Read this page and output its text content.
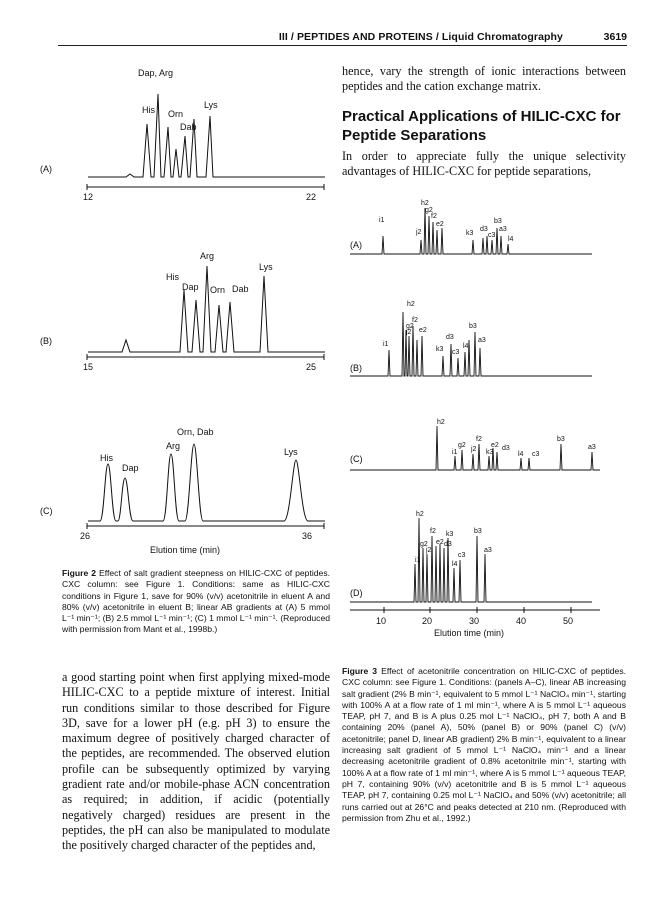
III / PEPTIDES AND PROTEINS / Liquid Chromatography	3619
Dap, Arg
His Orn
Lys
Dab
(A)
12	22
Arg
Lys
His
Dap Orn Dab
(B)
15	25
Orn, Dab
Arg
His
Lys
Dap
(C)
26	36
Elution time (min)

Figure 2 Effect of salt gradient steepness on HILIC-CXC of peptides. CXC column: see Figure 1. Conditions: same as HILIC-CXC conditions in Figure 1, save for 90% (v/v) acetonitrile in eluent A and 80% (v/v) acetonitrile in eluent B; linear AB gradients at (A) 5 mmol L⁻¹ min⁻¹; (B) 2.5 mmol L⁻¹ min⁻¹; (C) 1 mmol L⁻¹ min⁻¹. (Reproduced with permission from Mant et al., 1998b.)

a good starting point when first applying mixed-mode HILIC-CXC to a peptide mixture of interest. Initial run conditions similar to those described for Figure 3D, save for a lower pH (e.g. pH 3) to ensure the maximum degree of positively charged character of the peptides, are recommended. The observed elution profile can be subsequently optimized by varying gradient rate and/or mobile-phase ACN concentration as required; in addition, if acidic (potentially negatively charged) residues are present in the peptides, the pH can also be manipulated to modulate the positively charged character of the peptides and,

hence, vary the strength of ionic interactions between peptides and the cation exchange matrix.

Practical Applications of HILIC-CXC for Peptide Separations

In order to appreciate fully the unique selectivity advantages of HILIC-CXC for peptide separations,

h2
g2
f2
i1
e2
j2
b3
d3 a3
k3 c3
l4
(A)
h2
f2
g2
j2 e2
b3
d3	a3
i1	l4
k3 c3
(B)
h2
f2	b3
g2	e2
j2	d3	a3
i1	k3	l4 c3
(C)
h2
f2 k3	b3
g2 e2 d3
j2
c3
a3
i1
l4
(D)
10	20	30	40	50
Elution time (min)

Figure 3 Effect of acetonitrile concentration on HILIC-CXC of peptides. CXC column: see Figure 1. Conditions: (panels A–C), linear AB increasing salt gradient (2% B min⁻¹, equivalent to 5 mmol L⁻¹ NaClO₄ min⁻¹, starting with 100% A at a flow rate of 1 ml min⁻¹, where A is 5 mmol L⁻¹ aqueous TEAP, pH 7, and B is A plus 0.25 mol L⁻¹ NaClO₄, pH 7, both A and B containing 20% (panel A), 50% (panel B) or 90% (panel C) (v/v) acetonitrile; panel D, linear AB gradient) 2% B min⁻¹, equivalent to a linear increasing salt gradient of 5 mmol L⁻¹ NaClO₄ min⁻¹ and a linear decreasing acetonitrile gradient of 0.8% acetonitrile min⁻¹, starting with 100% A at a flow rate of 1 ml min⁻¹, where A is 5 mmol L⁻¹ aqueous TEAP, pH 7, containing 90% (v/v) acetonitrile and B is 5 mmol L⁻¹ aqueous TEAP, pH 7, containing 0.25 mol L⁻¹ NaClO₄ and 50% (v/v) acetonitrile; all runs carried out at 26°C and peaks detected at 210 nm. (Reproduced with permission from Zhu et al., 1992.)
